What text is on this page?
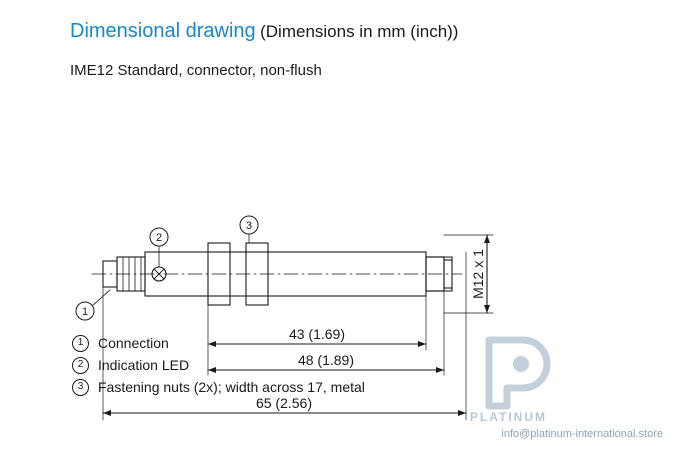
Dimensional drawing (Dimensions in mm (inch))
IME12 Standard, connector, non-flush
2
3
1
43 (1.69)
48 (1.89)
65 (2.56)
M12 x 1
1	Connection
2	Indication LED
3	Fastening nuts (2x); width across 17, metal
PLATINUM
info@platinum-international.store
